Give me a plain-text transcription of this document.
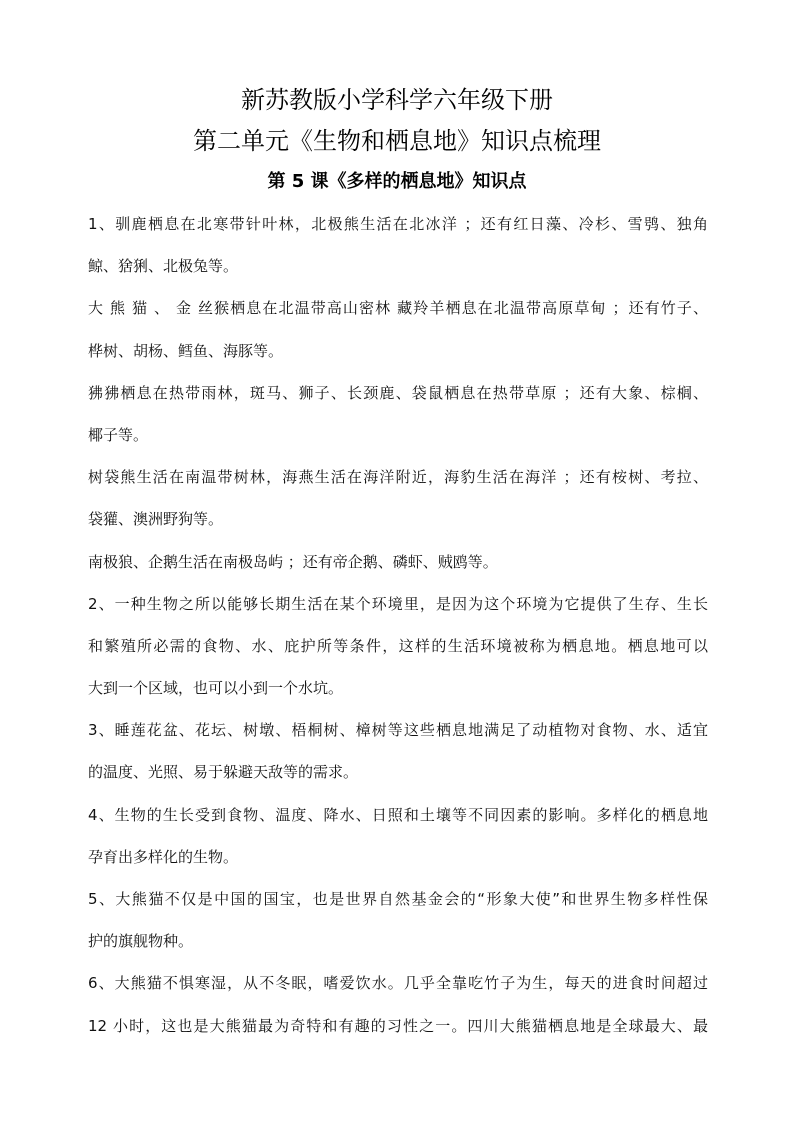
新苏教版小学科学六年级下册
第二单元《生物和栖息地》知识点梳理
第 5 课《多样的栖息地》知识点
1、驯鹿栖息在北寒带针叶林，北极熊生活在北冰洋 ；还有红日藻、冷杉、雪鸮、独角
鲸、猞猁、北极兔等。
大 熊 猫 、 金 丝猴栖息在北温带高山密林 藏羚羊栖息在北温带高原草甸 ；还有竹子、
桦树、胡杨、鳕鱼、海豚等。
狒狒栖息在热带雨林，斑马、狮子、长颈鹿、袋鼠栖息在热带草原 ；还有大象、棕榈、
椰子等。
树袋熊生活在南温带树林，海燕生活在海洋附近，海豹生活在海洋 ；还有桉树、考拉、
袋獾、澳洲野狗等。
南极狼、企鹅生活在南极岛屿 ；还有帝企鹅、磷虾、贼鸥等。
2、一种生物之所以能够长期生活在某个环境里，是因为这个环境为它提供了生存、生长
和繁殖所必需的食物、水、庇护所等条件，这样的生活环境被称为栖息地。栖息地可以
大到一个区域，也可以小到一个水坑。
3、睡莲花盆、花坛、树墩、梧桐树、樟树等这些栖息地满足了动植物对食物、水、适宜
的温度、光照、易于躲避天敌等的需求。
4、生物的生长受到食物、温度、降水、日照和土壤等不同因素的影响。多样化的栖息地
孕育出多样化的生物。
5、大熊猫不仅是中国的国宝，也是世界自然基金会的“形象大使”和世界生物多样性保
护的旗舰物种。
6、大熊猫不惧寒湿，从不冬眠，嗜爱饮水。几乎全靠吃竹子为生，每天的进食时间超过
12 小时，这也是大熊猫最为奇特和有趣的习性之一。四川大熊猫栖息地是全球最大、最
